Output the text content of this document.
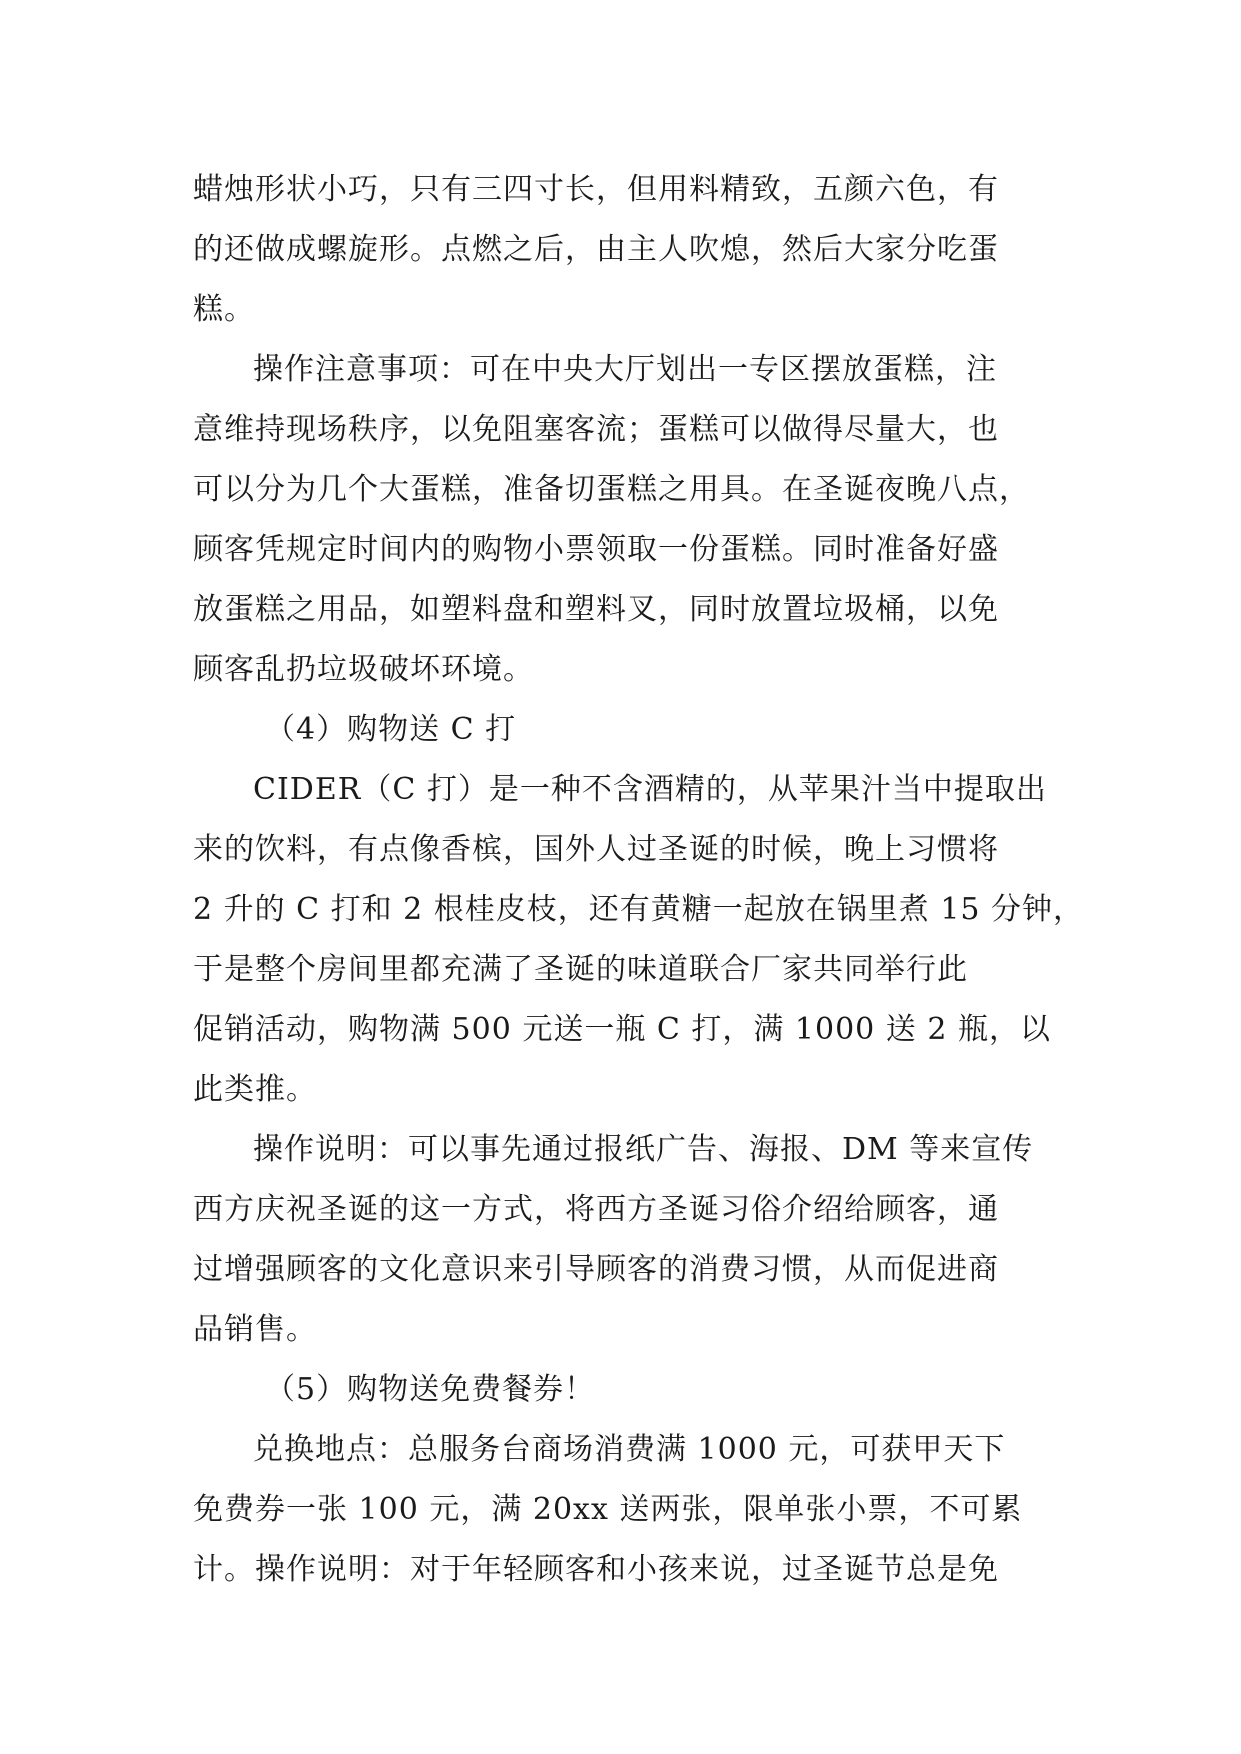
蜡烛形状小巧，只有三四寸长，但用料精致，五颜六色，有
的还做成螺旋形。点燃之后，由主人吹熄，然后大家分吃蛋
糕。
操作注意事项：可在中央大厅划出一专区摆放蛋糕，注
意维持现场秩序，以免阻塞客流；蛋糕可以做得尽量大，也
可以分为几个大蛋糕，准备切蛋糕之用具。在圣诞夜晚八点，
顾客凭规定时间内的购物小票领取一份蛋糕。同时准备好盛
放蛋糕之用品，如塑料盘和塑料叉，同时放置垃圾桶，以免
顾客乱扔垃圾破坏环境。
（4）购物送 C 打
CIDER（C 打）是一种不含酒精的，从苹果汁当中提取出
来的饮料，有点像香槟，国外人过圣诞的时候，晚上习惯将
2 升的 C 打和 2 根桂皮枝，还有黄糖一起放在锅里煮 15 分钟，
于是整个房间里都充满了圣诞的味道联合厂家共同举行此
促销活动，购物满 500 元送一瓶 C 打，满 1000 送 2 瓶，以
此类推。
操作说明：可以事先通过报纸广告、海报、DM 等来宣传
西方庆祝圣诞的这一方式，将西方圣诞习俗介绍给顾客，通
过增强顾客的文化意识来引导顾客的消费习惯，从而促进商
品销售。
（5）购物送免费餐券！
兑换地点：总服务台商场消费满 1000 元，可获甲天下
免费券一张 100 元，满 20xx 送两张，限单张小票，不可累
计。操作说明：对于年轻顾客和小孩来说，过圣诞节总是免
